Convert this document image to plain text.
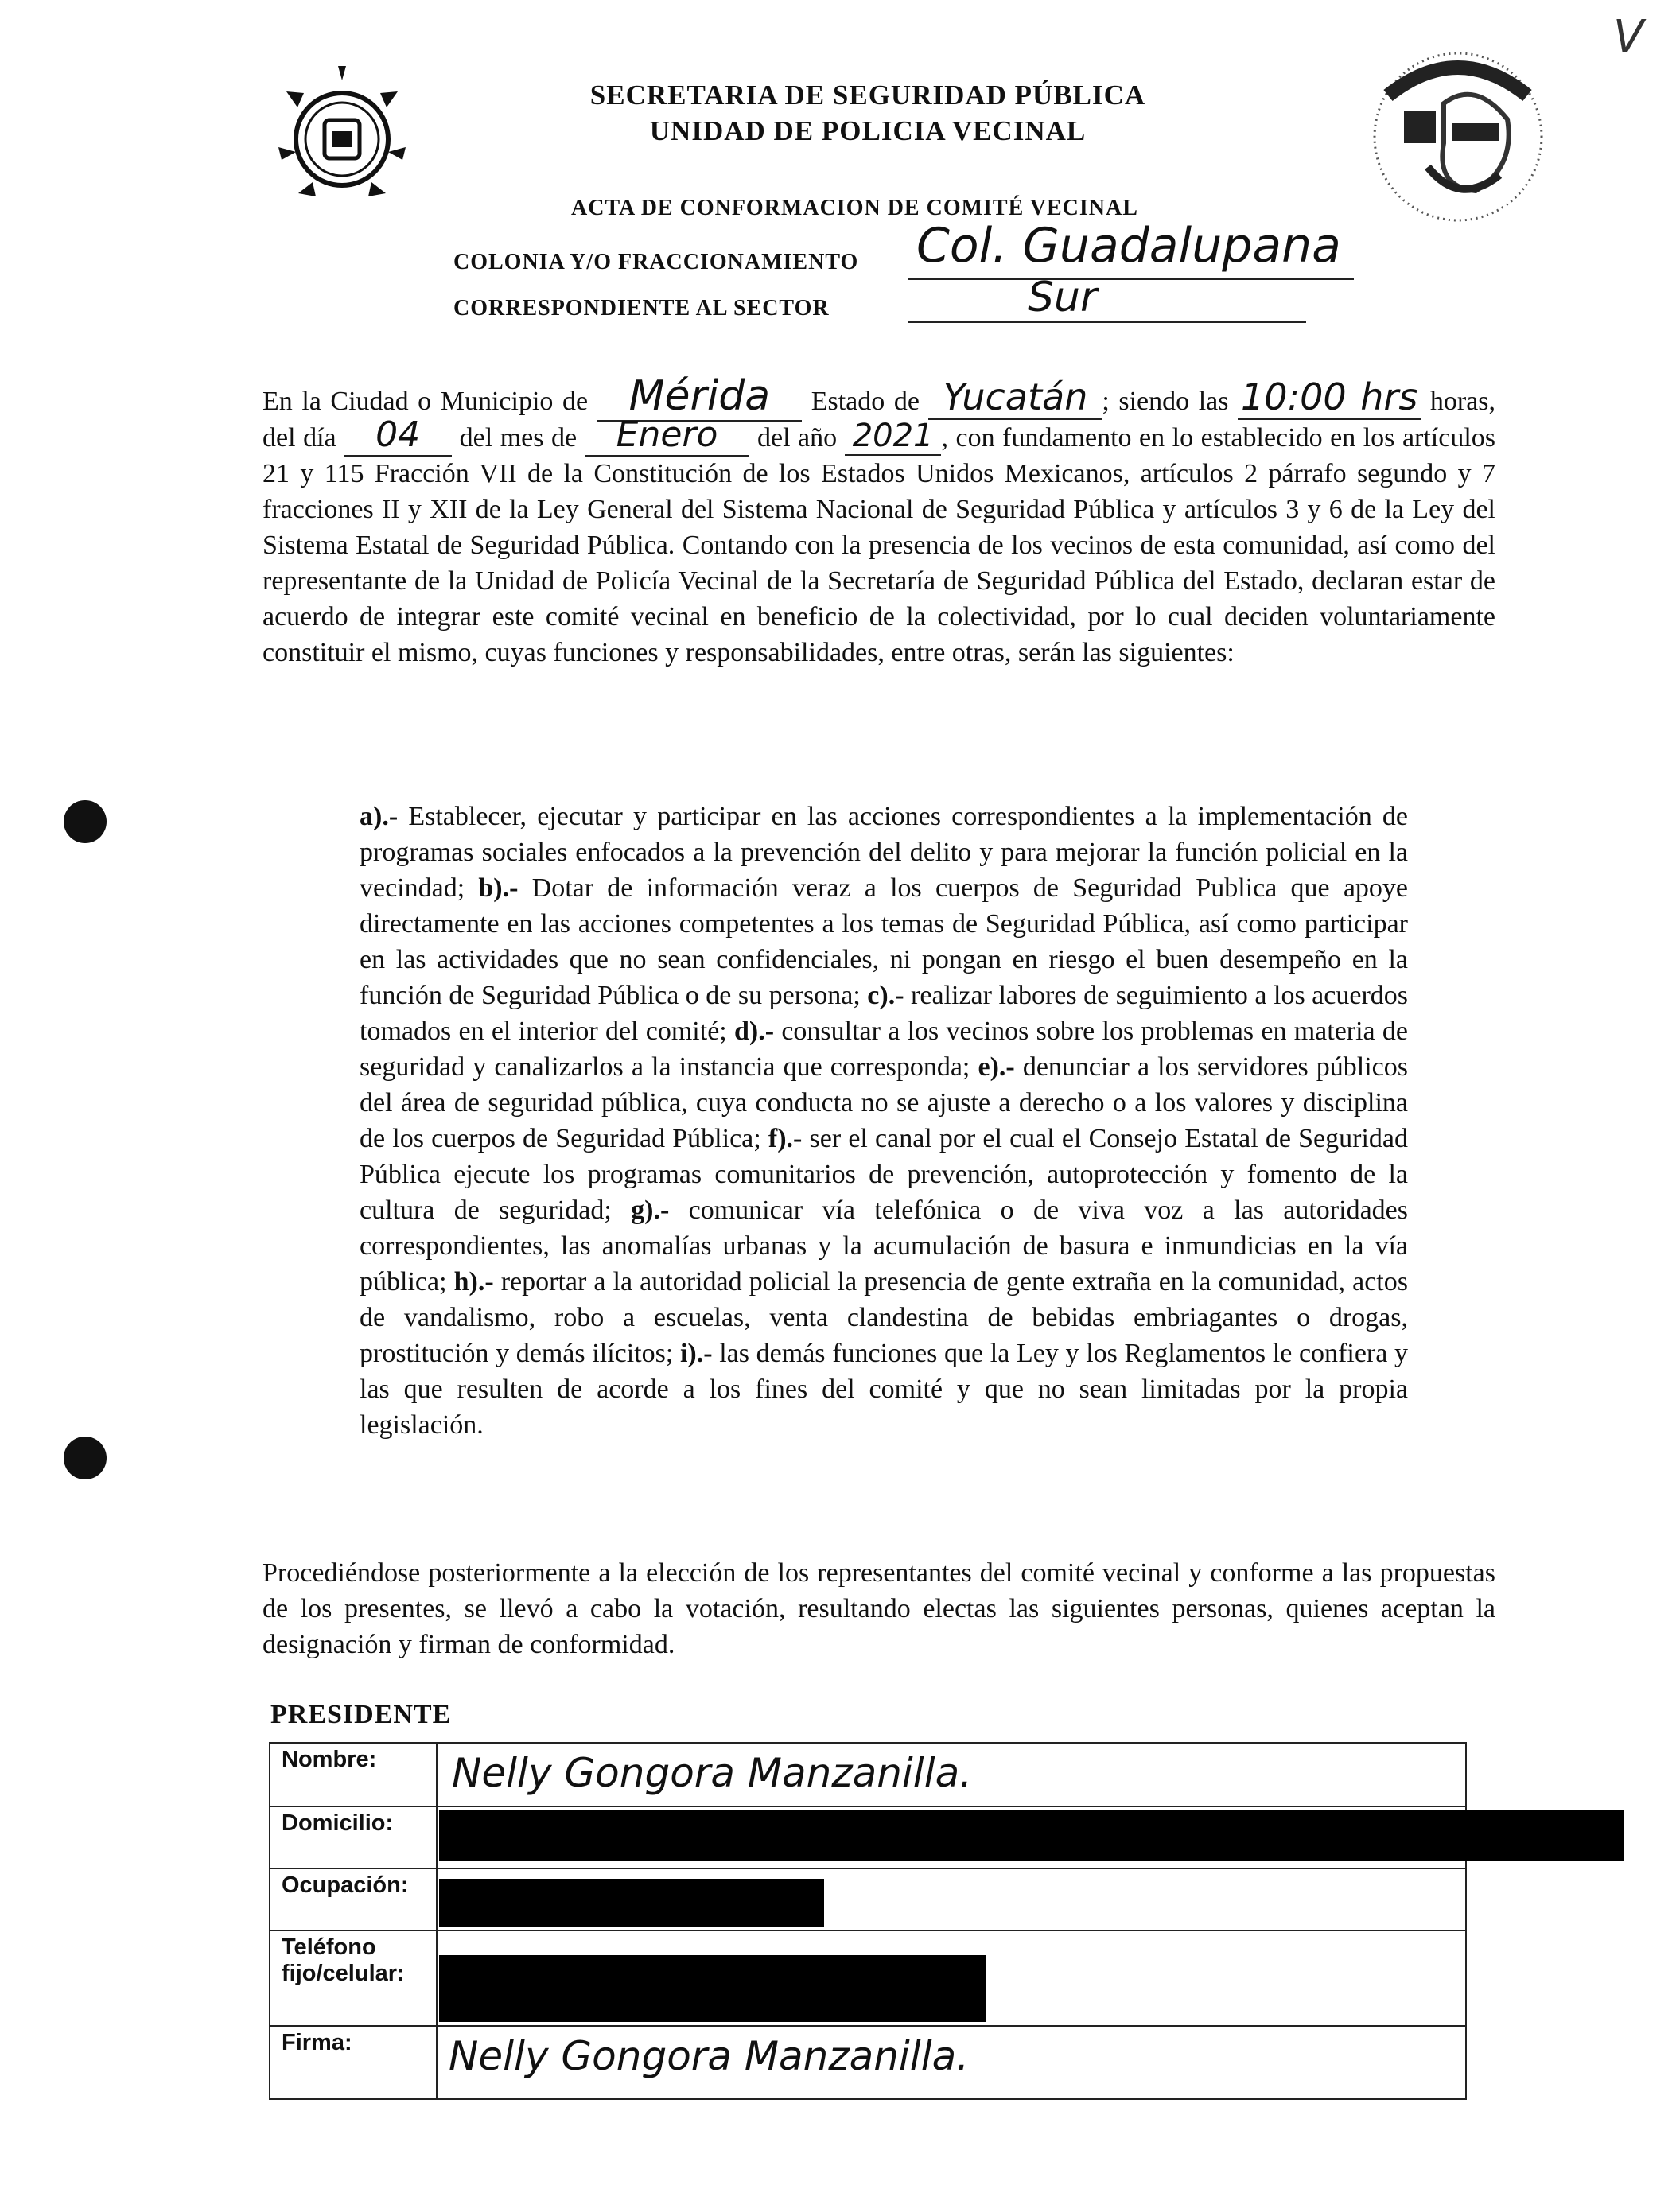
V
SECRETARIA DE SEGURIDAD PÚBLICA
UNIDAD DE POLICIA VECINAL
ACTA DE CONFORMACION DE COMITÉ VECINAL
COLONIA Y/O FRACCIONAMIENTO Col. Guadalupana
CORRESPONDIENTE AL SECTOR	Sur
En la Ciudad o Municipio de Mérida Estado de Yucatán ; siendo las 10:00 hrs horas, del día 04 del mes de Enero del año 2021 , con fundamento en lo establecido en los artículos 21 y 115 Fracción VII de la Constitución de los Estados Unidos Mexicanos, artículos 2 párrafo segundo y 7 fracciones II y XII de la Ley General del Sistema Nacional de Seguridad Pública y artículos 3 y 6 de la Ley del Sistema Estatal de Seguridad Pública. Contando con la presencia de los vecinos de esta comunidad, así como del representante de la Unidad de Policía Vecinal de la Secretaría de Seguridad Pública del Estado, declaran estar de acuerdo de integrar este comité vecinal en beneficio de la colectividad, por lo cual deciden voluntariamente constituir el mismo, cuyas funciones y responsabilidades, entre otras, serán las siguientes:
a).- Establecer, ejecutar y participar en las acciones correspondientes a la implementación de programas sociales enfocados a la prevención del delito y para mejorar la función policial en la vecindad; b).- Dotar de información veraz a los cuerpos de Seguridad Publica que apoye directamente en las acciones competentes a los temas de Seguridad Pública, así como participar en las actividades que no sean confidenciales, ni pongan en riesgo el buen desempeño en la función de Seguridad Pública o de su persona; c).- realizar labores de seguimiento a los acuerdos tomados en el interior del comité; d).- consultar a los vecinos sobre los problemas en materia de seguridad y canalizarlos a la instancia que corresponda; e).- denunciar a los servidores públicos del área de seguridad pública, cuya conducta no se ajuste a derecho o a los valores y disciplina de los cuerpos de Seguridad Pública; f).- ser el canal por el cual el Consejo Estatal de Seguridad Pública ejecute los programas comunitarios de prevención, autoprotección y fomento de la cultura de seguridad; g).- comunicar vía telefónica o de viva voz a las autoridades correspondientes, las anomalías urbanas y la acumulación de basura e inmundicias en la vía pública; h).- reportar a la autoridad policial la presencia de gente extraña en la comunidad, actos de vandalismo, robo a escuelas, venta clandestina de bebidas embriagantes o drogas, prostitución y demás ilícitos; i).- las demás funciones que la Ley y los Reglamentos le confiera y las que resulten de acorde a los fines del comité y que no sean limitadas por la propia legislación.
Procediéndose posteriormente a la elección de los representantes del comité vecinal y conforme a las propuestas de los presentes, se llevó a cabo la votación, resultando electas las siguientes personas, quienes aceptan la designación y firman de conformidad.
PRESIDENTE
Nombre:	Nelly Gongora Manzanilla.

Domicilio:	

Ocupación:	

Teléfono fijo/celular:	

Firma:	Nelly Gongora Manzanilla.
